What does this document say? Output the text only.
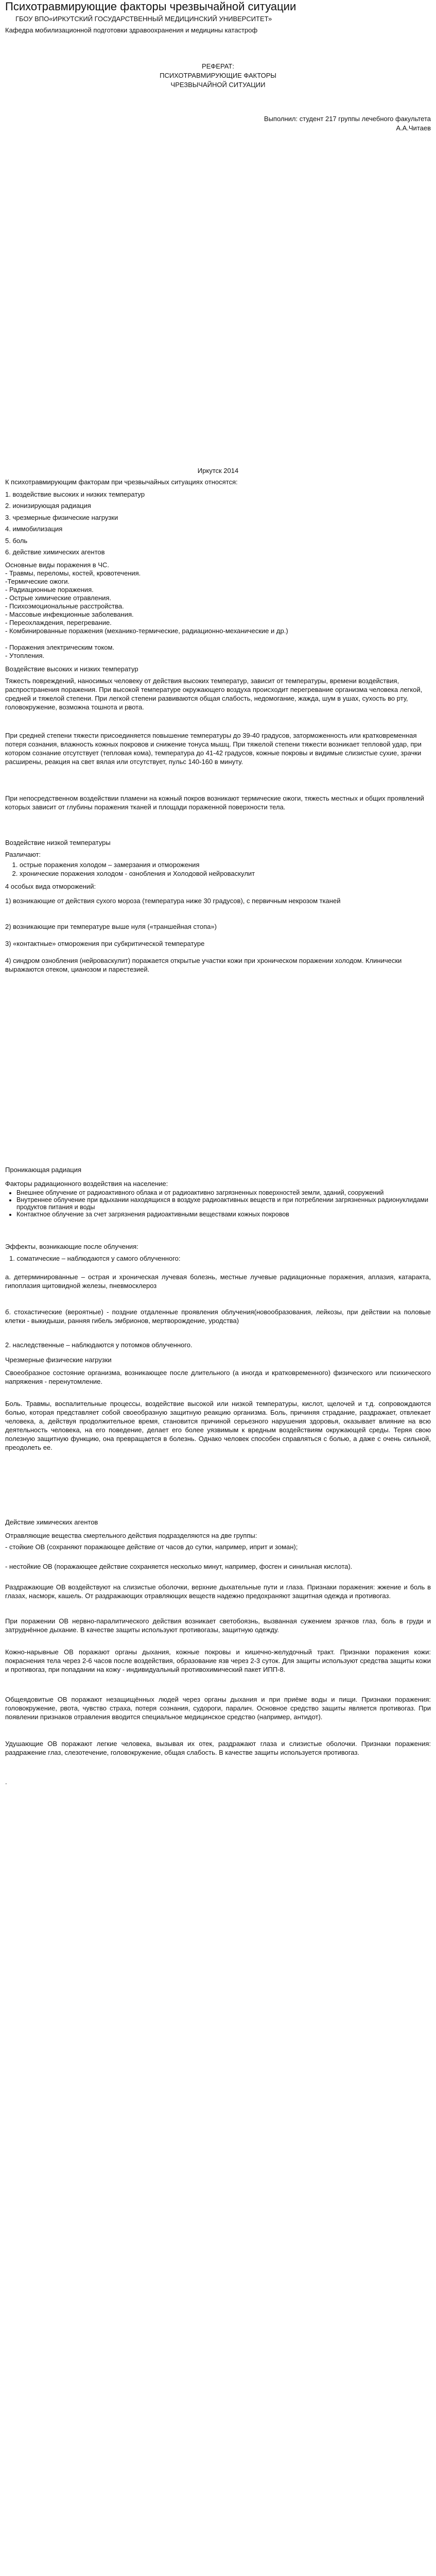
Психотравмирующие факторы чрезвычайной ситуации
ГБОУ ВПО«ИРКУТСКИЙ ГОСУДАРСТВЕННЫЙ МЕДИЦИНСКИЙ УНИВЕРСИТЕТ»
Кафедра мобилизационной подготовки здравоохранения и медицины катастроф
РЕФЕРАТ:
ПСИХОТРАВМИРУЮЩИЕ ФАКТОРЫ
ЧРЕЗВЫЧАЙНОЙ СИТУАЦИИ
Выполнил: студент 217 группы лечебного факультета
А.А.Читаев
Иркутск 2014
К психотравмирующим факторам при чрезвычайных ситуациях относятся:
1. воздействие высоких и низких температур
2. ионизирующая радиация
3. чрезмерные физические нагрузки
4. иммобилизация
5. боль
6. действие химических агентов
Основные виды поражения в ЧС.
- Травмы, переломы, костей, кровотечения.
-Термические ожоги.
- Радиационные поражения.
- Острые химические отравления.
- Психоэмоциональные расстройства.
- Массовые инфекционные заболевания.
- Переохлаждения, перегревание.
- Комбинированные поражения (механико-термические, радиационно-механические и др.)
- Поражения электрическим током.
- Утопления.
Воздействие высоких и низких температур
Тяжесть повреждений, наносимых человеку от действия высоких температур, зависит от температуры, времени воздействия, распространения поражения. При высокой температуре окружающего воздуха происходит перегревание организма человека легкой, средней и тяжелой степени. При легкой степени развиваются общая слабость, недомогание, жажда, шум в ушах, сухость во рту, головокружение, возможна тошнота и рвота.
При средней степени тяжести присоединяется повышение температуры до 39-40 градусов, заторможенность или кратковременная потеря сознания, влажность кожных покровов и снижение тонуса мышц. При тяжелой степени тяжести возникает тепловой удар, при котором сознание отсутствует (тепловая кома), температура до 41-42 градусов, кожные покровы и видимые слизистые сухие, зрачки расширены, реакция на свет вялая или отсутствует, пульс 140-160 в минуту.
При непосредственном воздействии пламени на кожный покров возникают термические ожоги, тяжесть местных и общих проявлений которых зависит от глубины поражения тканей и площади пораженной поверхности тела.
Воздействие низкой температуры
Различают:
1. острые поражения холодом – замерзания и отморожения
2. хронические поражения холодом - ознобления и Холодовой нейроваскулит
4 особых вида отморожений:
1) возникающие от действия сухого мороза (температура ниже 30 градусов), с первичным некрозом тканей
2) возникающие при температуре выше нуля («траншейная стопа»)
3) «контактные» отморожения при субкритической температуре
4) синдром ознобления (нейроваскулит) поражается открытые участки кожи при хроническом поражении холодом. Клинически выражаются отеком, цианозом и парестезией.
Проникающая радиация
Факторы радиационного воздействия на население:
• Внешнее облучение от радиоактивного облака и от радиоактивно загрязненных поверхностей земли, зданий, сооружений
• Внутреннее облучение при вдыхании находящихся в воздухе радиоактивных веществ и при потреблении загрязненных радионуклидами продуктов питания и воды
• Контактное облучение за счет загрязнения радиоактивными веществами кожных покровов
Эффекты, возникающие после облучения:
1. соматические – наблюдаются у самого облученного:
а. детерминированные – острая и хроническая лучевая болезнь, местные лучевые радиационные поражения, аплазия, катаракта, гипоплазия щитовидной железы, пневмосклероз
б. стохастические (вероятные) - поздние отдаленные проявления облучения(новообразования, лейкозы, при действии на половые клетки - выкидыши, ранняя гибель эмбрионов, мертворождение, уродства)
2. наследственные – наблюдаются у потомков облученного.
Чрезмерные физические нагрузки
Своеобразное состояние организма, возникающее после длительного (а иногда и кратковременного) физического или психического напряжения - перенутомление.
Боль. Травмы, воспалительные процессы, воздействие высокой или низкой температуры, кислот, щелочей и т.д. сопровождаются болью, которая представляет собой своеобразную защитную реакцию организма. Боль, причиняя страдание, раздражает, отвлекает человека, а, действуя продолжительное время, становится причиной серьезного нарушения здоровья, оказывает влияние на всю деятельность человека, на его поведение, делает его более уязвимым к вредным воздействиям окружающей среды. Теряя свою полезную защитную функцию, она превращается в болезнь. Однако человек способен справляться с болью, а даже с очень сильной, преодолеть ее.
Действие химических агентов
Отравляющие вещества смертельного действия подразделяются на две группы:
- стойкие ОВ (сохраняют поражающее действие от часов до сутки, например, иприт и зоман);
- нестойкие ОВ (поражающее действие сохраняется несколько минут, например, фосген и синильная кислота).
Раздражающие ОВ воздействуют на слизистые оболочки, верхние дыхательные пути и глаза. Признаки поражения: жжение и боль в глазах, насморк, кашель. От раздражающих отравляющих веществ надежно предохраняют защитная одежда и противогаз.
При поражении ОВ нервно-паралитического действия возникает светобоязнь, вызванная сужением зрачков глаз, боль в груди и затруднённое дыхание. В качестве защиты используют противогазы, защитную одежду.
Кожно-нарывные ОВ поражают органы дыхания, кожные покровы и кишечно-желудочный тракт. Признаки поражения кожи: покраснения тела через 2-6 часов после воздействия, образование язв через 2-3 суток. Для защиты используют средства защиты кожи и противогаз, при попадании на кожу - индивидуальный противохимический пакет ИПП-8.
Общеядовитые ОВ поражают незащищённых людей через органы дыхания и при приёме воды и пищи. Признаки поражения: головокружение, рвота, чувство страха, потеря сознания, судороги, паралич. Основное средство защиты является противогаз. При появлении признаков отравления вводится специальное медицинское средство (например, антидот).
Удушающие ОВ поражают легкие человека, вызывая их отек, раздражают глаза и слизистые оболочки. Признаки поражения: раздражение глаз, слезотечение, головокружение, общая слабость. В качестве защиты используется противогаз.
.
